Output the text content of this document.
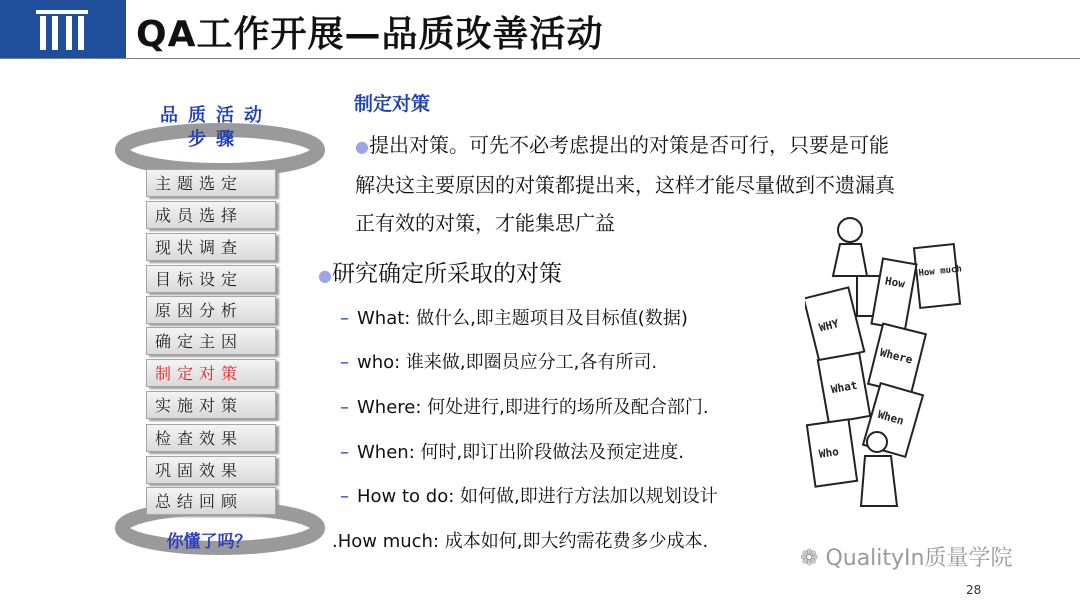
QA工作开展—品质改善活动
品质活动
步骤
主题选定
成员选择
现状调查
目标设定
原因分析
确定主因
制定对策
实施对策
检查效果
巩固效果
总结回顾
你懂了吗？
制定对策
●提出对策。可先不必考虑提出的对策是否可行，只要是可能
解决这主要原因的对策都提出来，这样才能尽量做到不遗漏真
正有效的对策，才能集思广益
●研究确定所采取的对策
– What: 做什么,即主题项目及目标值(数据)
– who: 谁来做,即圈员应分工,各有所司.
– Where: 何处进行,即进行的场所及配合部门.
– When: 何时,即订出阶段做法及预定进度.
– How to do: 如何做,即进行方法加以规划设计
.How much: 成本如何,即大约需花费多少成本.
WHY
How
How much
What
Where
When
Who
❁ QualityIn质量学院
28
